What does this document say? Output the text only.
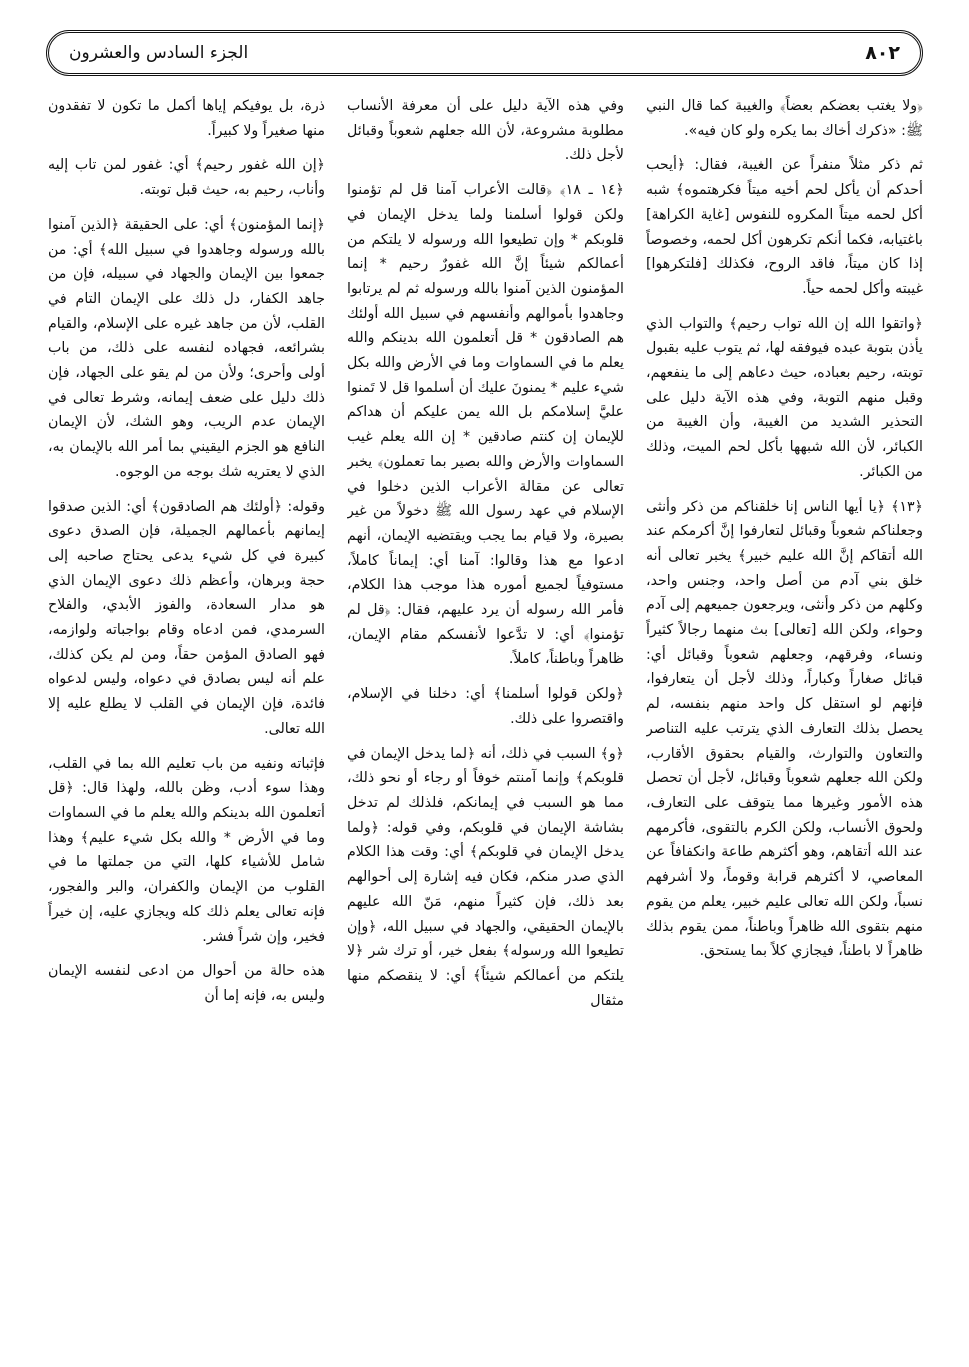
٨٠٢
الجزء السادس والعشرون

﴿ولا يغتب بعضكم بعضاً﴾ والغيبة كما قال النبي ﷺ: «ذكرك أخاك بما يكره ولو كان فيه».

ثم ذكر مثلاً منفراً عن الغيبة، فقال: ﴿أيحب أحدكم أن يأكل لحم أخيه ميتاً فكرهتموه﴾ شبه أكل لحمه ميتاً المكروه للنفوس [غاية الكراهة] باغتيابه، فكما أنكم تكرهون أكل لحمه، وخصوصاً إذا كان ميتاً، فاقد الروح، فكذلك [فلتكرهوا] غيبته وأكل لحمه حياً.

﴿واتقوا الله إن الله تواب رحيم﴾ والتواب الذي يأذن بتوبة عبده فيوفقه لها، ثم يتوب عليه بقبول توبته، رحيم بعباده، حيث دعاهم إلى ما ينفعهم، وقبل منهم التوبة، وفي هذه الآية دليل على التحذير الشديد من الغيبة، وأن الغيبة من الكبائر، لأن الله شبهها بأكل لحم الميت، وذلك من الكبائر.

﴿١٣﴾ ﴿يا أيها الناس إنا خلقناكم من ذكر وأنثى وجعلناكم شعوباً وقبائل لتعارفوا إنَّ أكرمكم عند الله أتقاكم إنَّ الله عليم خبير﴾ يخبر تعالى أنه خلق بني آدم من أصل واحد، وجنس واحد، وكلهم من ذكر وأنثى، ويرجعون جميعهم إلى آدم وحواء، ولكن الله [تعالى] بث منهما رجالاً كثيراً ونساء، وفرقهم، وجعلهم شعوباً وقبائل أي: قبائل صغاراً وكباراً، وذلك لأجل أن يتعارفوا، فإنهم لو استقل كل واحد منهم بنفسه، لم يحصل بذلك التعارف الذي يترتب عليه التناصر والتعاون والتوارث، والقيام بحقوق الأقارب، ولكن الله جعلهم شعوباً وقبائل، لأجل أن تحصل هذه الأمور وغيرها مما يتوقف على التعارف، ولحوق الأنساب، ولكن الكرم بالتقوى، فأكرمهم عند الله أتقاهم، وهو أكثرهم طاعة وانكفافاً عن المعاصي، لا أكثرهم قرابة وقوماً، ولا أشرفهم نسباً، ولكن الله تعالى عليم خبير، يعلم من يقوم منهم بتقوى الله ظاهراً وباطناً، ممن يقوم بذلك ظاهراً لا باطناً، فيجازي كلاً بما يستحق.

وفي هذه الآية دليل على أن معرفة الأنساب مطلوبة مشروعة، لأن الله جعلهم شعوباً وقبائل لأجل ذلك.

﴿١٤ ـ ١٨﴾ ﴿قالت الأعراب آمنا قل لم تؤمنوا ولكن قولوا أسلمنا ولما يدخل الإيمان في قلوبكم * وإن تطيعوا الله ورسوله لا يلتكم من أعمالكم شيئاً إنَّ الله غفورٌ رحيم * إنما المؤمنون الذين آمنوا بالله ورسوله ثم لم يرتابوا وجاهدوا بأموالهم وأنفسهم في سبيل الله أولئك هم الصادقون * قل أتعلمون الله بدينكم والله يعلم ما في السماوات وما في الأرض والله بكل شيء عليم * يمنونَ عليك أن أسلموا قل لا تَمنوا عليَّ إسلامكم بل الله يمن عليكم أن هداكم للإيمان إن كنتم صادقين * إن الله يعلم غيب السماوات والأرض والله بصير بما تعملون﴾ يخبر تعالى عن مقالة الأعراب الذين دخلوا في الإسلام في عهد رسول الله ﷺ دخولاً من غير بصيرة، ولا قيام بما يجب ويقتضيه الإيمان، أنهم ادعوا مع هذا وقالوا: آمنا أي: إيماناً كاملاً، مستوفياً لجميع أموره هذا موجب هذا الكلام، فأمر الله رسوله أن يرد عليهم، فقال: ﴿قل لم تؤمنوا﴾ أي: لا تدَّعوا لأنفسكم مقام الإيمان، ظاهراً وباطناً، كاملاً.

﴿ولكن قولوا أسلمنا﴾ أي: دخلنا في الإسلام، واقتصروا على ذلك.

﴿و﴾ السبب في ذلك، أنه ﴿لما يدخل الإيمان في قلوبكم﴾ وإنما آمنتم خوفاً أو رجاء أو نحو ذلك، مما هو السبب في إيمانكم، فلذلك لم تدخل بشاشة الإيمان في قلوبكم، وفي قوله: ﴿ولما يدخل الإيمان في قلوبكم﴾ أي: وقت هذا الكلام الذي صدر منكم، فكان فيه إشارة إلى أحوالهم بعد ذلك، فإن كثيراً منهم، مَنّ الله عليهم بالإيمان الحقيقي، والجهاد في سبيل الله، ﴿وإن تطيعوا الله ورسوله﴾ بفعل خير، أو ترك شر ﴿لا يلتكم من أعمالكم شيئاً﴾ أي: لا ينقصكم منها مثقال

ذرة، بل يوفيكم إياها أكمل ما تكون لا تفقدون منها صغيراً ولا كبيراً.

﴿إن الله غفور رحيم﴾ أي: غفور لمن تاب إليه وأناب، رحيم به، حيث قبل توبته.

﴿إنما المؤمنون﴾ أي: على الحقيقة ﴿الذين آمنوا بالله ورسوله وجاهدوا في سبيل الله﴾ أي: من جمعوا بين الإيمان والجهاد في سبيله، فإن من جاهد الكفار، دل ذلك على الإيمان التام في القلب، لأن من جاهد غيره على الإسلام، والقيام بشرائعه، فجهاده لنفسه على ذلك، من باب أولى وأحرى؛ ولأن من لم يقو على الجهاد، فإن ذلك دليل على ضعف إيمانه، وشرط تعالى في الإيمان عدم الريب، وهو الشك، لأن الإيمان النافع هو الجزم اليقيني بما أمر الله بالإيمان به، الذي لا يعتريه شك بوجه من الوجوه.

وقوله: ﴿أولئك هم الصادقون﴾ أي: الذين صدقوا إيمانهم بأعمالهم الجميلة، فإن الصدق دعوى كبيرة في كل شيء يدعى يحتاج صاحبه إلى حجة وبرهان، وأعظم ذلك دعوى الإيمان الذي هو مدار السعادة، والفوز الأبدي، والفلاح السرمدي، فمن ادعاه وقام بواجباته ولوازمه، فهو الصادق المؤمن حقاً، ومن لم يكن كذلك، علم أنه ليس بصادق في دعواه، وليس لدعواه فائدة، فإن الإيمان في القلب لا يطلع عليه إلا الله تعالى.

فإثباته ونفيه من باب تعليم الله بما في القلب، وهذا سوء أدب، وظن بالله، ولهذا قال: ﴿قل أتعلمون الله بدينكم والله يعلم ما في السماوات وما في الأرض * والله بكل شيء عليم﴾ وهذا شامل للأشياء كلها، التي من جملتها ما في القلوب من الإيمان والكفران، والبر والفجور، فإنه تعالى يعلم ذلك كله ويجازي عليه، إن خيراً فخير، وإن شراً فشر.

هذه حالة من أحوال من ادعى لنفسه الإيمان وليس به، فإنه إما أن
